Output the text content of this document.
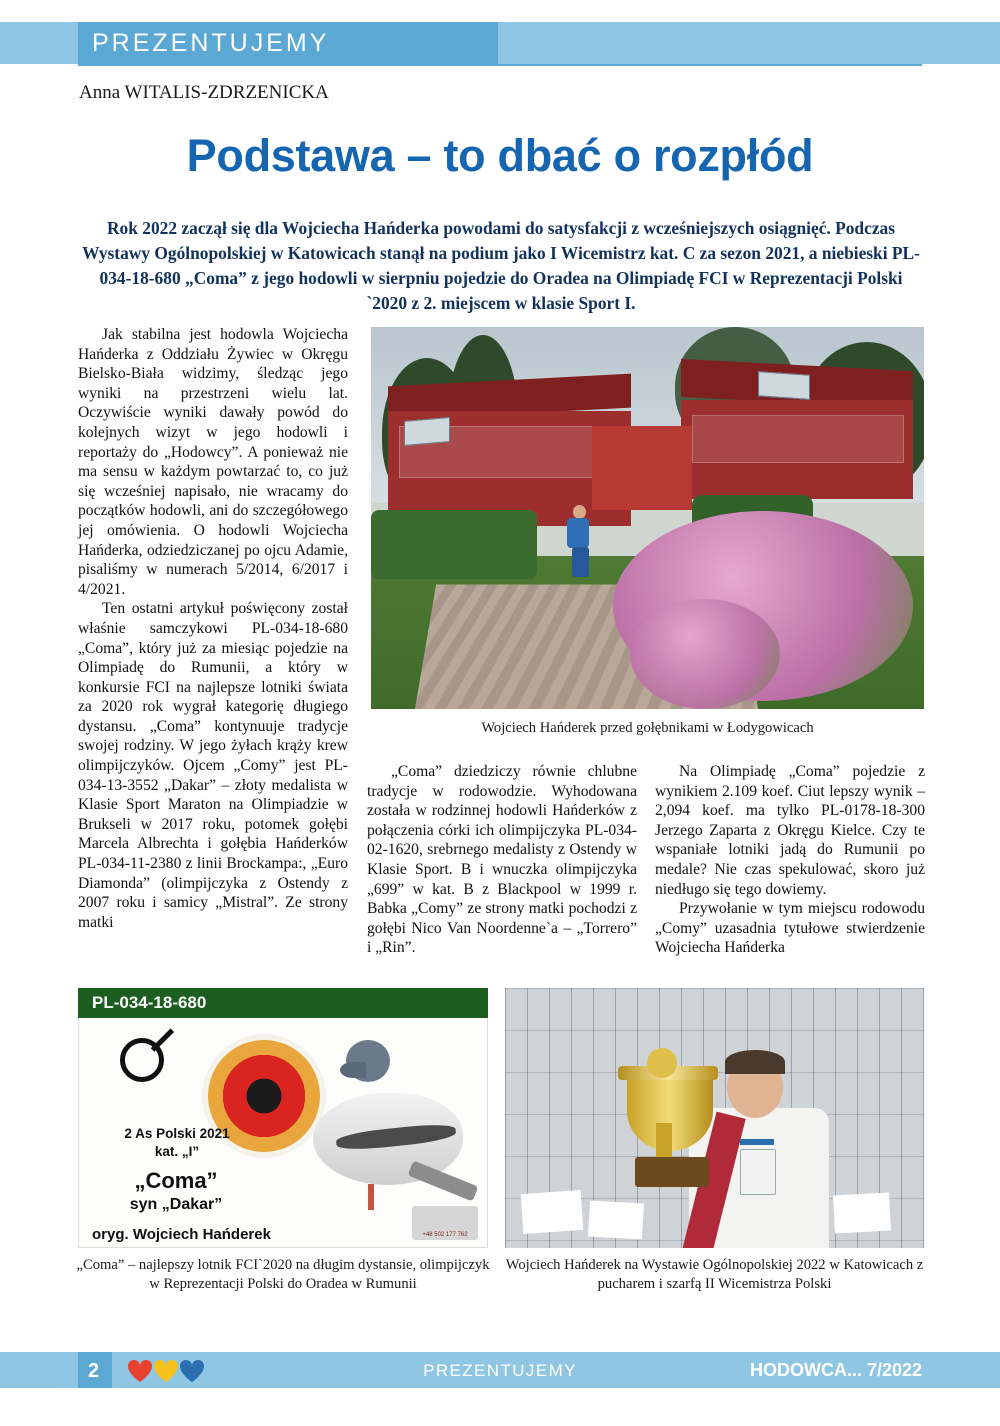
PREZENTUJEMY
Anna WITALIS-ZDRZENICKA
Podstawa – to dbać o rozpłód
Rok 2022 zaczął się dla Wojciecha Hańderka powodami do satysfakcji z wcześniejszych osiągnięć. Podczas Wystawy Ogólnopolskiej w Katowicach stanął na podium jako I Wicemistrz kat. C za sezon 2021, a niebieski PL-034-18-680 „Coma” z jego hodowli w sierpniu pojedzie do Oradea na Olimpiadę FCI w Reprezentacji Polski `2020 z 2. miejscem w klasie Sport I.

Jak stabilna jest hodowla Wojciecha Hańderka z Oddziału Żywiec w Okręgu Bielsko-Biała widzimy, śledząc jego wyniki na przestrzeni wielu lat. Oczywiście wyniki dawały powód do kolejnych wizyt w jego hodowli i reportaży do „Hodowcy”. A ponieważ nie ma sensu w każdym powtarzać to, co już się wcześniej napisało, nie wracamy do początków hodowli, ani do szczegółowego jej omówienia. O hodowli Wojciecha Hańderka, odziedziczanej po ojcu Adamie, pisaliśmy w numerach 5/2014, 6/2017 i 4/2021.

Ten ostatni artykuł poświęcony został właśnie samczykowi PL-034-18-680 „Coma”, który już za miesiąc pojedzie na Olimpiadę do Rumunii, a który w konkursie FCI na najlepsze lotniki świata za 2020 rok wygrał kategorię długiego dystansu. „Coma” kontynuuje tradycje swojej rodziny. W jego żyłach krąży krew olimpijczyków. Ojcem „Comy” jest PL-034-13-3552 „Dakar” – złoty medalista w Klasie Sport Maraton na Olimpiadzie w Brukseli w 2017 roku, potomek gołębi Marcela Albrechta i gołębia Hańderków PL-034-11-2380 z linii Brockampa:, „Euro Diamonda” (olimpijczyka z Ostendy z 2007 roku i samicy „Mistral”. Ze strony matki

„Coma” dziedziczy równie chlubne tradycje w rodowodzie. Wyhodowana została w rodzinnej hodowli Hańderków z połączenia córki ich olimpijczyka PL-034-02-1620, srebrnego medalisty z Ostendy w Klasie Sport. B i wnuczka olimpijczyka „699” w kat. B z Blackpool w 1999 r. Babka „Comy” ze strony matki pochodzi z gołębi Nico Van Noordenne`a – „Torrero” i „Rin”.

Na Olimpiadę „Coma” pojedzie z wynikiem 2.109 koef. Ciut lepszy wynik – 2,094 koef. ma tylko PL-0178-18-300 Jerzego Zaparta z Okręgu Kielce. Czy te wspaniałe lotniki jadą do Rumunii po medale? Nie czas spekulować, skoro już niedługo się tego dowiemy.

Przywołanie w tym miejscu rodowodu „Comy” uzasadnia tytułowe stwierdzenie Wojciecha Hańderka

Wojciech Hańderek przed gołębnikami w Łodygowicach
PL-034-18-680
2 As Polski 2021
kat. „I”
„Coma”
syn „Dakar”
oryg. Wojciech Hańderek	+48 502 177 762
„Coma” – najlepszy lotnik FCI`2020 na długim dystansie, olimpijczyk w Reprezentacji Polski do Oradea w Rumunii
Wojciech Hańderek na Wystawie Ogólnopolskiej 2022 w Katowicach z pucharem i szarfą II Wicemistrza Polski
2	PREZENTUJEMY	HODOWCA... 7/2022
